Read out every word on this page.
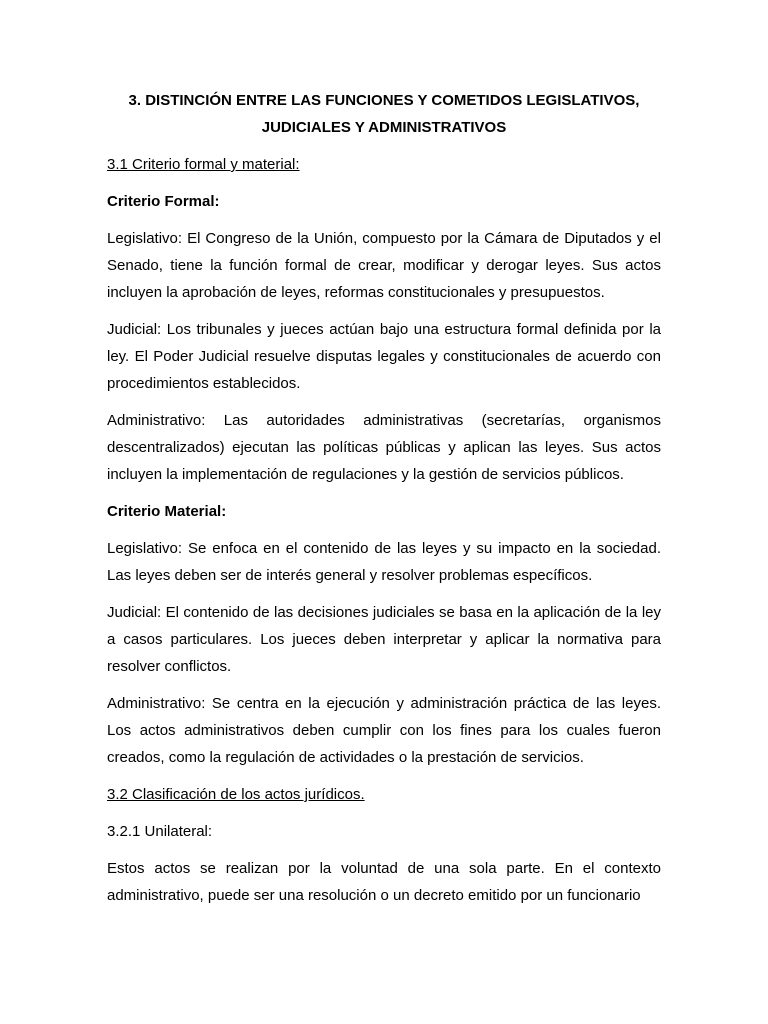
3. DISTINCIÓN ENTRE LAS FUNCIONES Y COMETIDOS LEGISLATIVOS, JUDICIALES Y ADMINISTRATIVOS
3.1 Criterio formal y material:
Criterio Formal:

Legislativo: El Congreso de la Unión, compuesto por la Cámara de Diputados y el Senado, tiene la función formal de crear, modificar y derogar leyes. Sus actos incluyen la aprobación de leyes, reformas constitucionales y presupuestos.

Judicial: Los tribunales y jueces actúan bajo una estructura formal definida por la ley. El Poder Judicial resuelve disputas legales y constitucionales de acuerdo con procedimientos establecidos.

Administrativo: Las autoridades administrativas (secretarías, organismos descentralizados) ejecutan las políticas públicas y aplican las leyes. Sus actos incluyen la implementación de regulaciones y la gestión de servicios públicos.

Criterio Material:

Legislativo: Se enfoca en el contenido de las leyes y su impacto en la sociedad. Las leyes deben ser de interés general y resolver problemas específicos.

Judicial: El contenido de las decisiones judiciales se basa en la aplicación de la ley a casos particulares. Los jueces deben interpretar y aplicar la normativa para resolver conflictos.

Administrativo: Se centra en la ejecución y administración práctica de las leyes. Los actos administrativos deben cumplir con los fines para los cuales fueron creados, como la regulación de actividades o la prestación de servicios.

3.2 Clasificación de los actos jurídicos.
3.2.1 Unilateral:

Estos actos se realizan por la voluntad de una sola parte. En el contexto administrativo, puede ser una resolución o un decreto emitido por un funcionario
